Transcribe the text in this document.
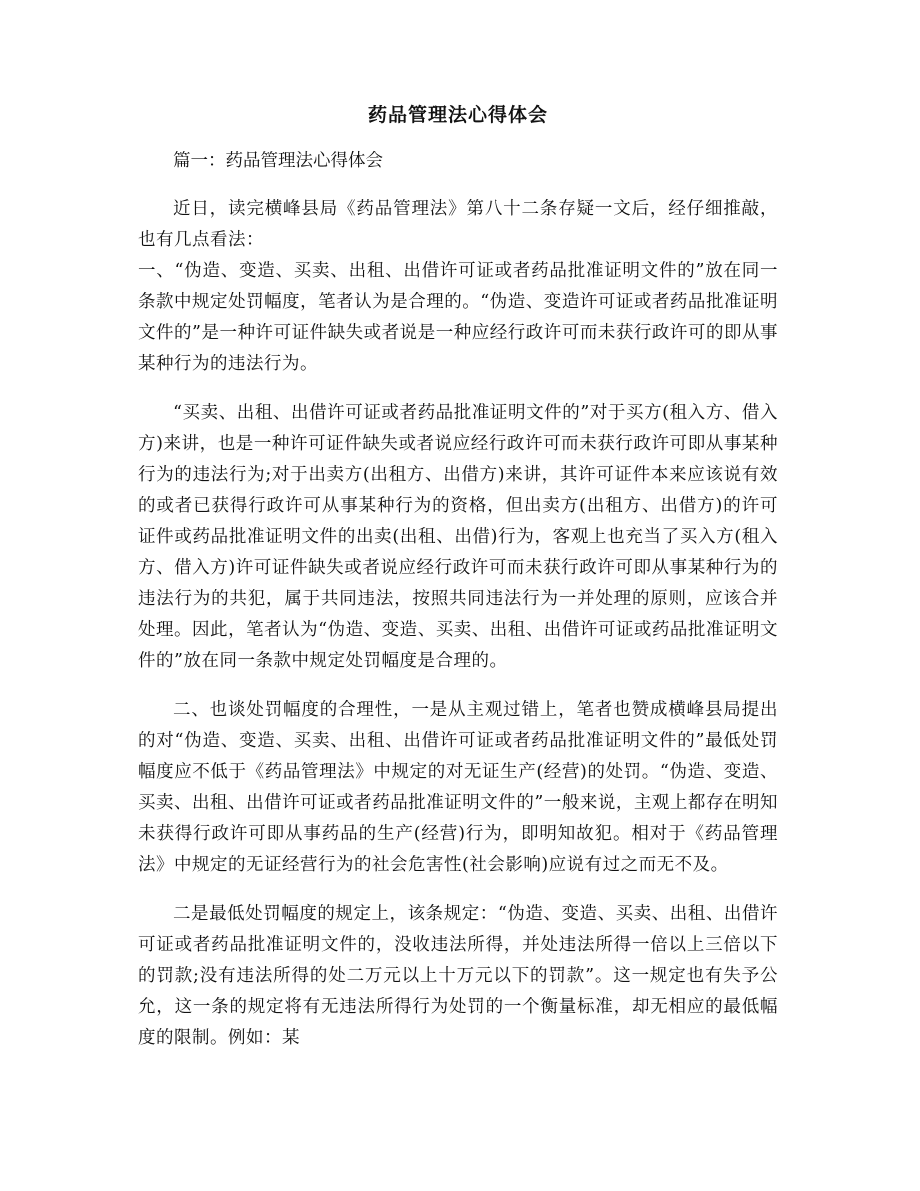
药品管理法心得体会
篇一：药品管理法心得体会

近日，读完横峰县局《药品管理法》第八十二条存疑一文后，经仔细推敲，也有几点看法：

一、“伪造、变造、买卖、出租、出借许可证或者药品批准证明文件的”放在同一条款中规定处罚幅度，笔者认为是合理的。“伪造、变造许可证或者药品批准证明文件的”是一种许可证件缺失或者说是一种应经行政许可而未获行政许可的即从事某种行为的违法行为。

“买卖、出租、出借许可证或者药品批准证明文件的”对于买方(租入方、借入方)来讲，也是一种许可证件缺失或者说应经行政许可而未获行政许可即从事某种行为的违法行为;对于出卖方(出租方、出借方)来讲，其许可证件本来应该说有效的或者已获得行政许可从事某种行为的资格，但出卖方(出租方、出借方)的许可证件或药品批准证明文件的出卖(出租、出借)行为，客观上也充当了买入方(租入方、借入方)许可证件缺失或者说应经行政许可而未获行政许可即从事某种行为的违法行为的共犯，属于共同违法，按照共同违法行为一并处理的原则，应该合并处理。因此，笔者认为“伪造、变造、买卖、出租、出借许可证或药品批准证明文件的”放在同一条款中规定处罚幅度是合理的。

二、也谈处罚幅度的合理性，一是从主观过错上，笔者也赞成横峰县局提出的对“伪造、变造、买卖、出租、出借许可证或者药品批准证明文件的”最低处罚幅度应不低于《药品管理法》中规定的对无证生产(经营)的处罚。“伪造、变造、买卖、出租、出借许可证或者药品批准证明文件的”一般来说，主观上都存在明知未获得行政许可即从事药品的生产(经营)行为，即明知故犯。相对于《药品管理法》中规定的无证经营行为的社会危害性(社会影响)应说有过之而无不及。

二是最低处罚幅度的规定上，该条规定：“伪造、变造、买卖、出租、出借许可证或者药品批准证明文件的，没收违法所得，并处违法所得一倍以上三倍以下的罚款;没有违法所得的处二万元以上十万元以下的罚款”。这一规定也有失予公允，这一条的规定将有无违法所得行为处罚的一个衡量标准，却无相应的最低幅度的限制。例如：某
